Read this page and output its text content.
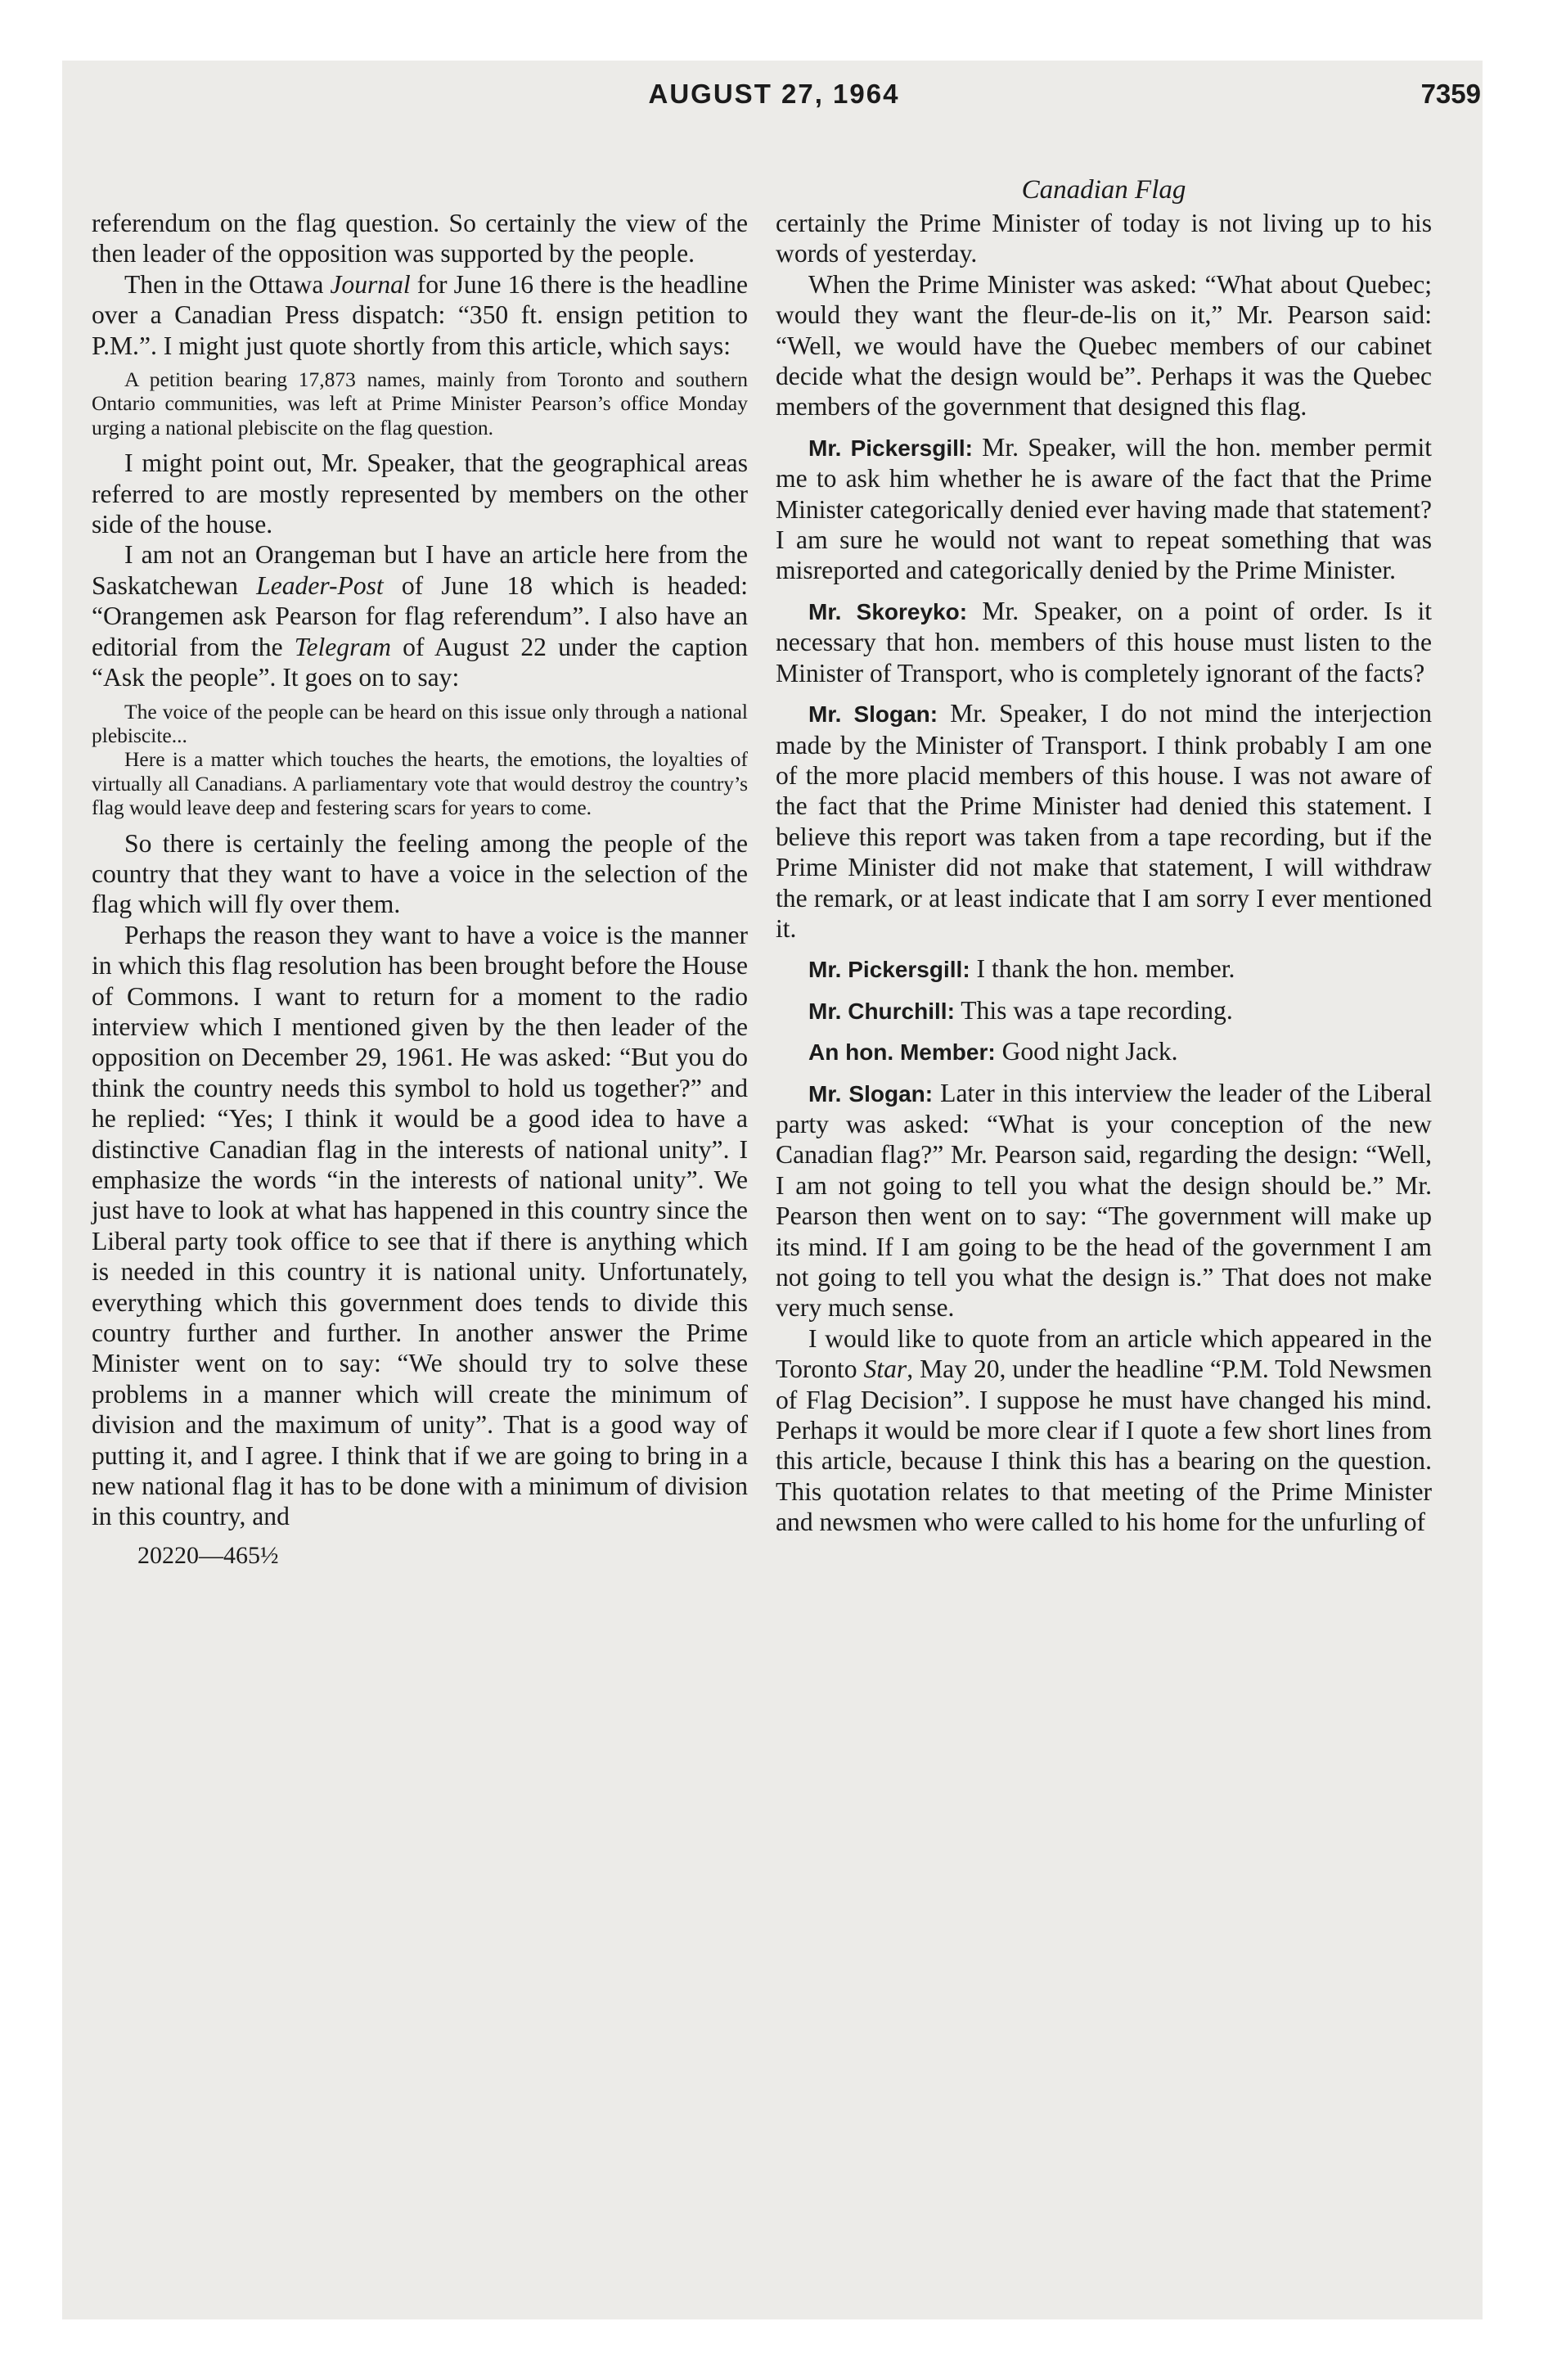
AUGUST 27, 1964	7359

referendum on the flag question. So certainly the view of the then leader of the opposition was supported by the people.

Then in the Ottawa Journal for June 16 there is the headline over a Canadian Press dispatch: “350 ft. ensign petition to P.M.”. I might just quote shortly from this article, which says:

A petition bearing 17,873 names, mainly from Toronto and southern Ontario communities, was left at Prime Minister Pearson’s office Monday urging a national plebiscite on the flag question.

I might point out, Mr. Speaker, that the geographical areas referred to are mostly represented by members on the other side of the house.

I am not an Orangeman but I have an article here from the Saskatchewan Leader-Post of June 18 which is headed: “Orangemen ask Pearson for flag referendum”. I also have an editorial from the Telegram of August 22 under the caption “Ask the people”. It goes on to say:

The voice of the people can be heard on this issue only through a national plebiscite...

Here is a matter which touches the hearts, the emotions, the loyalties of virtually all Canadians. A parliamentary vote that would destroy the country’s flag would leave deep and festering scars for years to come.

So there is certainly the feeling among the people of the country that they want to have a voice in the selection of the flag which will fly over them.

Perhaps the reason they want to have a voice is the manner in which this flag resolution has been brought before the House of Commons. I want to return for a moment to the radio interview which I mentioned given by the then leader of the opposition on December 29, 1961. He was asked: “But you do think the country needs this symbol to hold us together?” and he replied: “Yes; I think it would be a good idea to have a distinctive Canadian flag in the interests of national unity”. I emphasize the words “in the interests of national unity”. We just have to look at what has happened in this country since the Liberal party took office to see that if there is anything which is needed in this country it is national unity. Unfortunately, everything which this government does tends to divide this country further and further. In another answer the Prime Minister went on to say: “We should try to solve these problems in a manner which will create the minimum of division and the maximum of unity”. That is a good way of putting it, and I agree. I think that if we are going to bring in a new national flag it has to be done with a minimum of division in this country, and

20220—465½
Canadian Flag

certainly the Prime Minister of today is not living up to his words of yesterday.

When the Prime Minister was asked: “What about Quebec; would they want the fleur-de-lis on it,” Mr. Pearson said: “Well, we would have the Quebec members of our cabinet decide what the design would be”. Perhaps it was the Quebec members of the government that designed this flag.

Mr. Pickersgill: Mr. Speaker, will the hon. member permit me to ask him whether he is aware of the fact that the Prime Minister categorically denied ever having made that statement? I am sure he would not want to repeat something that was misreported and categorically denied by the Prime Minister.

Mr. Skoreyko: Mr. Speaker, on a point of order. Is it necessary that hon. members of this house must listen to the Minister of Transport, who is completely ignorant of the facts?

Mr. Slogan: Mr. Speaker, I do not mind the interjection made by the Minister of Transport. I think probably I am one of the more placid members of this house. I was not aware of the fact that the Prime Minister had denied this statement. I believe this report was taken from a tape recording, but if the Prime Minister did not make that statement, I will withdraw the remark, or at least indicate that I am sorry I ever mentioned it.

Mr. Pickersgill: I thank the hon. member.

Mr. Churchill: This was a tape recording.

An hon. Member: Good night Jack.

Mr. Slogan: Later in this interview the leader of the Liberal party was asked: “What is your conception of the new Canadian flag?” Mr. Pearson said, regarding the design: “Well, I am not going to tell you what the design should be.” Mr. Pearson then went on to say: “The government will make up its mind. If I am going to be the head of the government I am not going to tell you what the design is.” That does not make very much sense.

I would like to quote from an article which appeared in the Toronto Star, May 20, under the headline “P.M. Told Newsmen of Flag Decision”. I suppose he must have changed his mind. Perhaps it would be more clear if I quote a few short lines from this article, because I think this has a bearing on the question. This quotation relates to that meeting of the Prime Minister and newsmen who were called to his home for the unfurling of
